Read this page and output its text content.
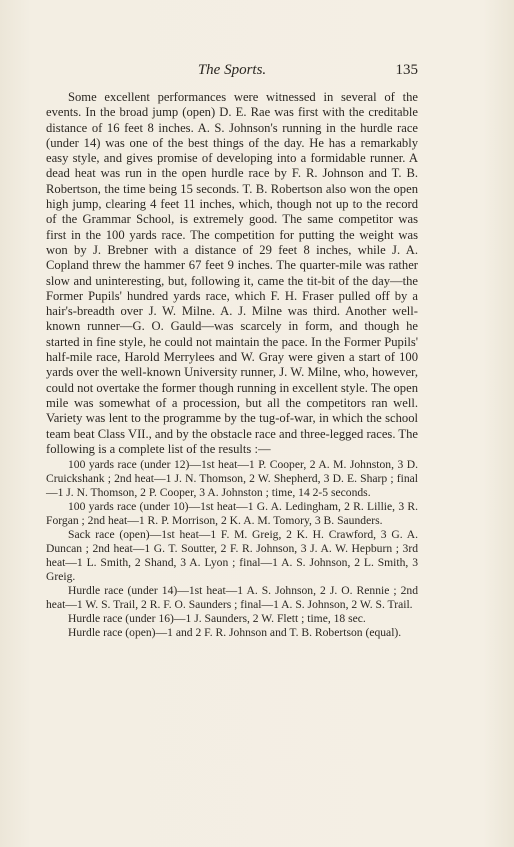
The Sports.	135

Some excellent performances were witnessed in several of the events. In the broad jump (open) D. E. Rae was first with the creditable distance of 16 feet 8 inches. A. S. Johnson's running in the hurdle race (under 14) was one of the best things of the day. He has a remarkably easy style, and gives promise of developing into a formidable runner. A dead heat was run in the open hurdle race by F. R. Johnson and T. B. Robertson, the time being 15 seconds. T. B. Robertson also won the open high jump, clearing 4 feet 11 inches, which, though not up to the record of the Grammar School, is extremely good. The same competitor was first in the 100 yards race. The competition for putting the weight was won by J. Brebner with a distance of 29 feet 8 inches, while J. A. Copland threw the hammer 67 feet 9 inches. The quarter-mile was rather slow and uninteresting, but, following it, came the tit-bit of the day—the Former Pupils' hundred yards race, which F. H. Fraser pulled off by a hair's-breadth over J. W. Milne. A. J. Milne was third. Another well-known runner—G. O. Gauld—was scarcely in form, and though he started in fine style, he could not maintain the pace. In the Former Pupils' half-mile race, Harold Merrylees and W. Gray were given a start of 100 yards over the well-known University runner, J. W. Milne, who, however, could not overtake the former though running in excellent style. The open mile was somewhat of a procession, but all the competitors ran well. Variety was lent to the programme by the tug-of-war, in which the school team beat Class VII., and by the obstacle race and three-legged races. The following is a complete list of the results :—

100 yards race (under 12)—1st heat—1 P. Cooper, 2 A. M. Johnston, 3 D. Cruickshank ; 2nd heat—1 J. N. Thomson, 2 W. Shepherd, 3 D. E. Sharp ; final—1 J. N. Thomson, 2 P. Cooper, 3 A. Johnston ; time, 14 2-5 seconds.

100 yards race (under 10)—1st heat—1 G. A. Ledingham, 2 R. Lillie, 3 R. Forgan ; 2nd heat—1 R. P. Morrison, 2 K. A. M. Tomory, 3 B. Saunders.

Sack race (open)—1st heat—1 F. M. Greig, 2 K. H. Crawford, 3 G. A. Duncan ; 2nd heat—1 G. T. Soutter, 2 F. R. Johnson, 3 J. A. W. Hepburn ; 3rd heat—1 L. Smith, 2 Shand, 3 A. Lyon ; final—1 A. S. Johnson, 2 L. Smith, 3 Greig.

Hurdle race (under 14)—1st heat—1 A. S. Johnson, 2 J. O. Rennie ; 2nd heat—1 W. S. Trail, 2 R. F. O. Saunders ; final—1 A. S. Johnson, 2 W. S. Trail.

Hurdle race (under 16)—1 J. Saunders, 2 W. Flett ; time, 18 sec.

Hurdle race (open)—1 and 2 F. R. Johnson and T. B. Robertson (equal).
